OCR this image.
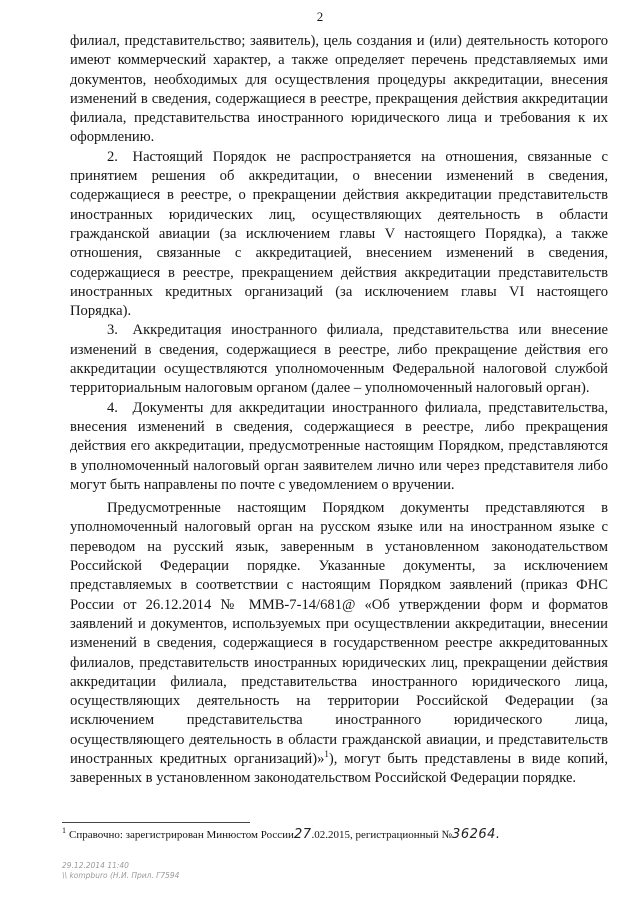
2

филиал, представительство; заявитель), цель создания и (или) деятельность которого имеют коммерческий характер, а также определяет перечень представляемых ими документов, необходимых для осуществления процедуры аккредитации, внесения изменений в сведения, содержащиеся в реестре, прекращения действия аккредитации филиала, представительства иностранного юридического лица и требования к их оформлению.

2. Настоящий Порядок не распространяется на отношения, связанные с принятием решения об аккредитации, о внесении изменений в сведения, содержащиеся в реестре, о прекращении действия аккредитации представительств иностранных юридических лиц, осуществляющих деятельность в области гражданской авиации (за исключением главы V настоящего Порядка), а также отношения, связанные с аккредитацией, внесением изменений в сведения, содержащиеся в реестре, прекращением действия аккредитации представительств иностранных кредитных организаций (за исключением главы VI настоящего Порядка).

3. Аккредитация иностранного филиала, представительства или внесение изменений в сведения, содержащиеся в реестре, либо прекращение действия его аккредитации осуществляются уполномоченным Федеральной налоговой службой территориальным налоговым органом (далее – уполномоченный налоговый орган).

4. Документы для аккредитации иностранного филиала, представительства, внесения изменений в сведения, содержащиеся в реестре, либо прекращения действия его аккредитации, предусмотренные настоящим Порядком, представляются в уполномоченный налоговый орган заявителем лично или через представителя либо могут быть направлены по почте с уведомлением о вручении.

Предусмотренные настоящим Порядком документы представляются в уполномоченный налоговый орган на русском языке или на иностранном языке с переводом на русский язык, заверенным в установленном законодательством Российской Федерации порядке. Указанные документы, за исключением представляемых в соответствии с настоящим Порядком заявлений (приказ ФНС России от 26.12.2014 № ММВ-7-14/681@ «Об утверждении форм и форматов заявлений и документов, используемых при осуществлении аккредитации, внесении изменений в сведения, содержащиеся в государственном реестре аккредитованных филиалов, представительств иностранных юридических лиц, прекращении действия аккредитации филиала, представительства иностранного юридического лица, осуществляющих деятельность на территории Российской Федерации (за исключением представительства иностранного юридического лица, осуществляющего деятельность в области гражданской авиации, и представительств иностранных кредитных организаций)»$^1$), могут быть представлены в виде копий, заверенных в установленном законодательством Российской Федерации порядке.

$^1$ Справочно: зарегистрирован Минюстом России27.02.2015, регистрационный №36264.
29.12.2014 11:40
\\ kompburo (Н.И. Прил. Г7594
